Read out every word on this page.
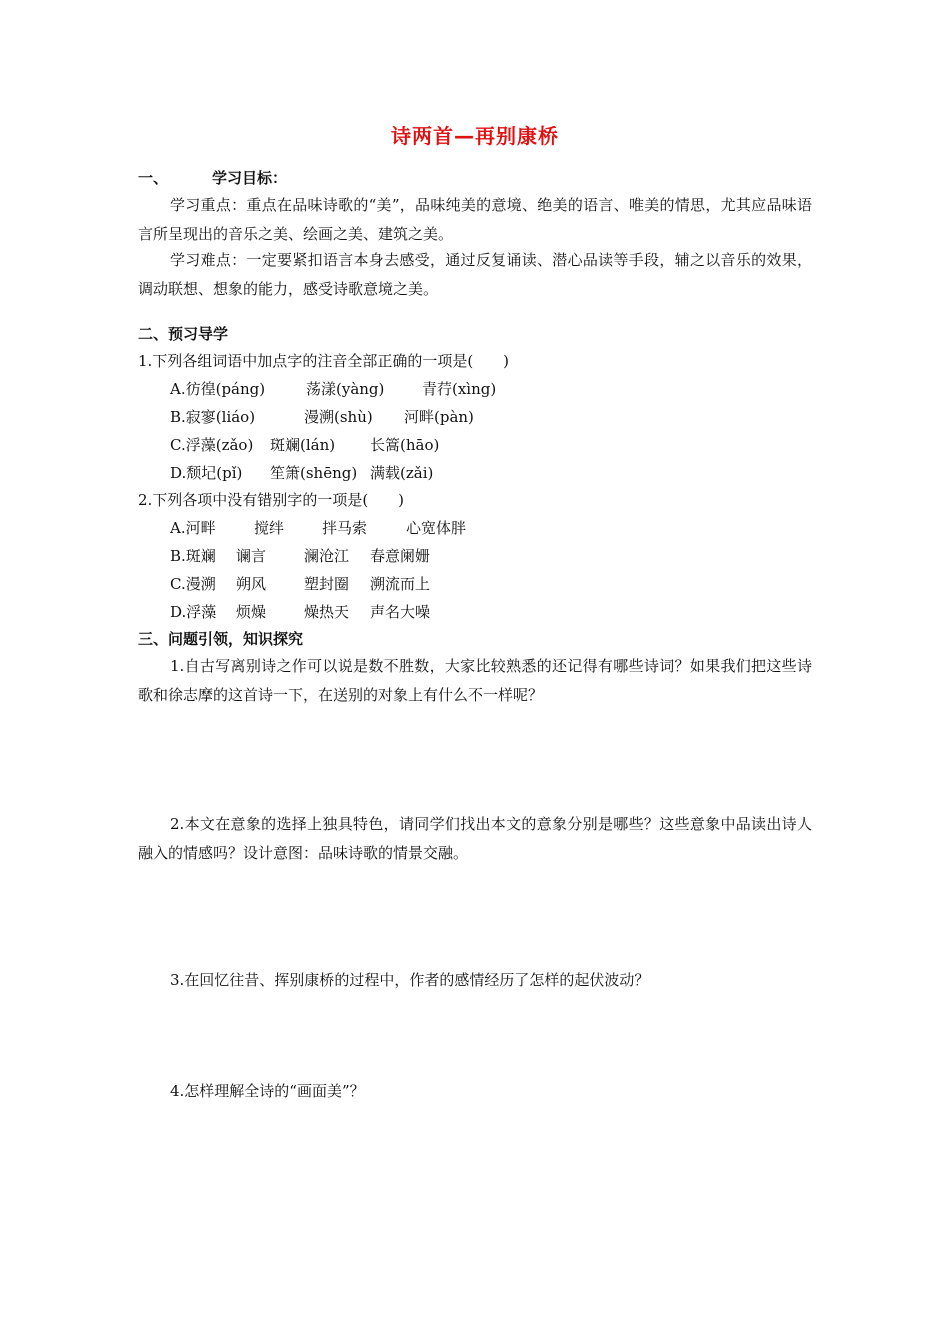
诗两首—再别康桥
一、	学习目标：
学习重点：重点在品味诗歌的“美”，品味纯美的意境、绝美的语言、唯美的情思，尤其应品味语言所呈现出的音乐之美、绘画之美、建筑之美。
学习难点：一定要紧扣语言本身去感受，通过反复诵读、潜心品读等手段，辅之以音乐的效果，调动联想、想象的能力，感受诗歌意境之美。
二、预习导学
1.下列各组词语中加点字的注音全部正确的一项是(　　)
A.彷徨(páng)	荡漾(yàng)	青荇(xìng)
B.寂寥(liáo)	漫溯(shù) 河畔(pàn)
C.浮藻(zǎo) 斑斓(lán) 长篙(hāo)
D.颓圮(pǐ) 笙箫(shēng) 满载(zǎi)
2.下列各项中没有错别字的一项是(　　)
A.河畔	搅绊	拌马索	心宽体胖
B.斑斓 谰言	澜沧江 春意阑姗
C.漫溯 朔风	塑封圈 溯流而上
D.浮藻 烦燥	燥热天 声名大噪
三、问题引领，知识探究
1.自古写离别诗之作可以说是数不胜数，大家比较熟悉的还记得有哪些诗词？如果我们把这些诗歌和徐志摩的这首诗一下，在送别的对象上有什么不一样呢？
2.本文在意象的选择上独具特色，请同学们找出本文的意象分别是哪些？这些意象中品读出诗人融入的情感吗？设计意图：品味诗歌的情景交融。
3.在回忆往昔、挥别康桥的过程中，作者的感情经历了怎样的起伏波动？
4.怎样理解全诗的“画面美”？
